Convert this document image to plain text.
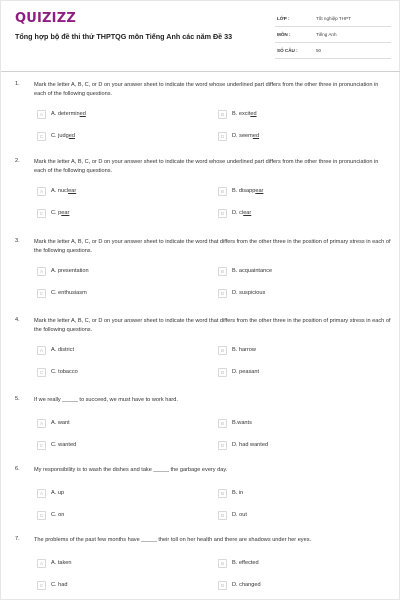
QUIZIZZ
Tổng hợp bộ đề thi thử THPTQG môn Tiếng Anh các năm Đề 33
LỚP :	Tốt nghiệp THPT
MÔN :	Tiếng Anh
SỐ CÂU :	50
1.	Mark the letter A, B, C, or D on your answer sheet to indicate the word whose underlined part differs from the other three in pronunciation in each of the following questions.
A	A. determined	B	B. excited
C	C. judged	D	D. seemed
2.	Mark the letter A, B, C, or D on your answer sheet to indicate the word whose underlined part differs from the other three in pronunciation in each of the following questions.
A	A. nuclear	B	B. disappear
C	C. pear	D	D. clear
3.	Mark the letter A, B, C, or D on your answer sheet to indicate the word that differs from the other three in the position of primary stress in each of the following questions.
A	A. presentation	B	B. acquaintance
C	C. enthusiasm	D	D. suspicious
4.	Mark the letter A, B, C, or D on your answer sheet to indicate the word that differs from the other three in the position of primary stress in each of the following questions.
A	A. district	B	B. harrow
C	C. tobacco	D	D. peasant
5.	If we really _____ to succeed, we must have to work hard.
A	A. want	B	B.wants
C	C. wanted	D	D. had wanted
6.	My responsibility is to wash the dishes and take _____ the garbage every day.
A	A. up	B	B. in
C	C. on	D	D. out
7.	The problems of the past few months have _____ their toll on her health and there are shadows under her eyes.
A	A. taken	B	B. effected
C	C. had	D	D. changed
